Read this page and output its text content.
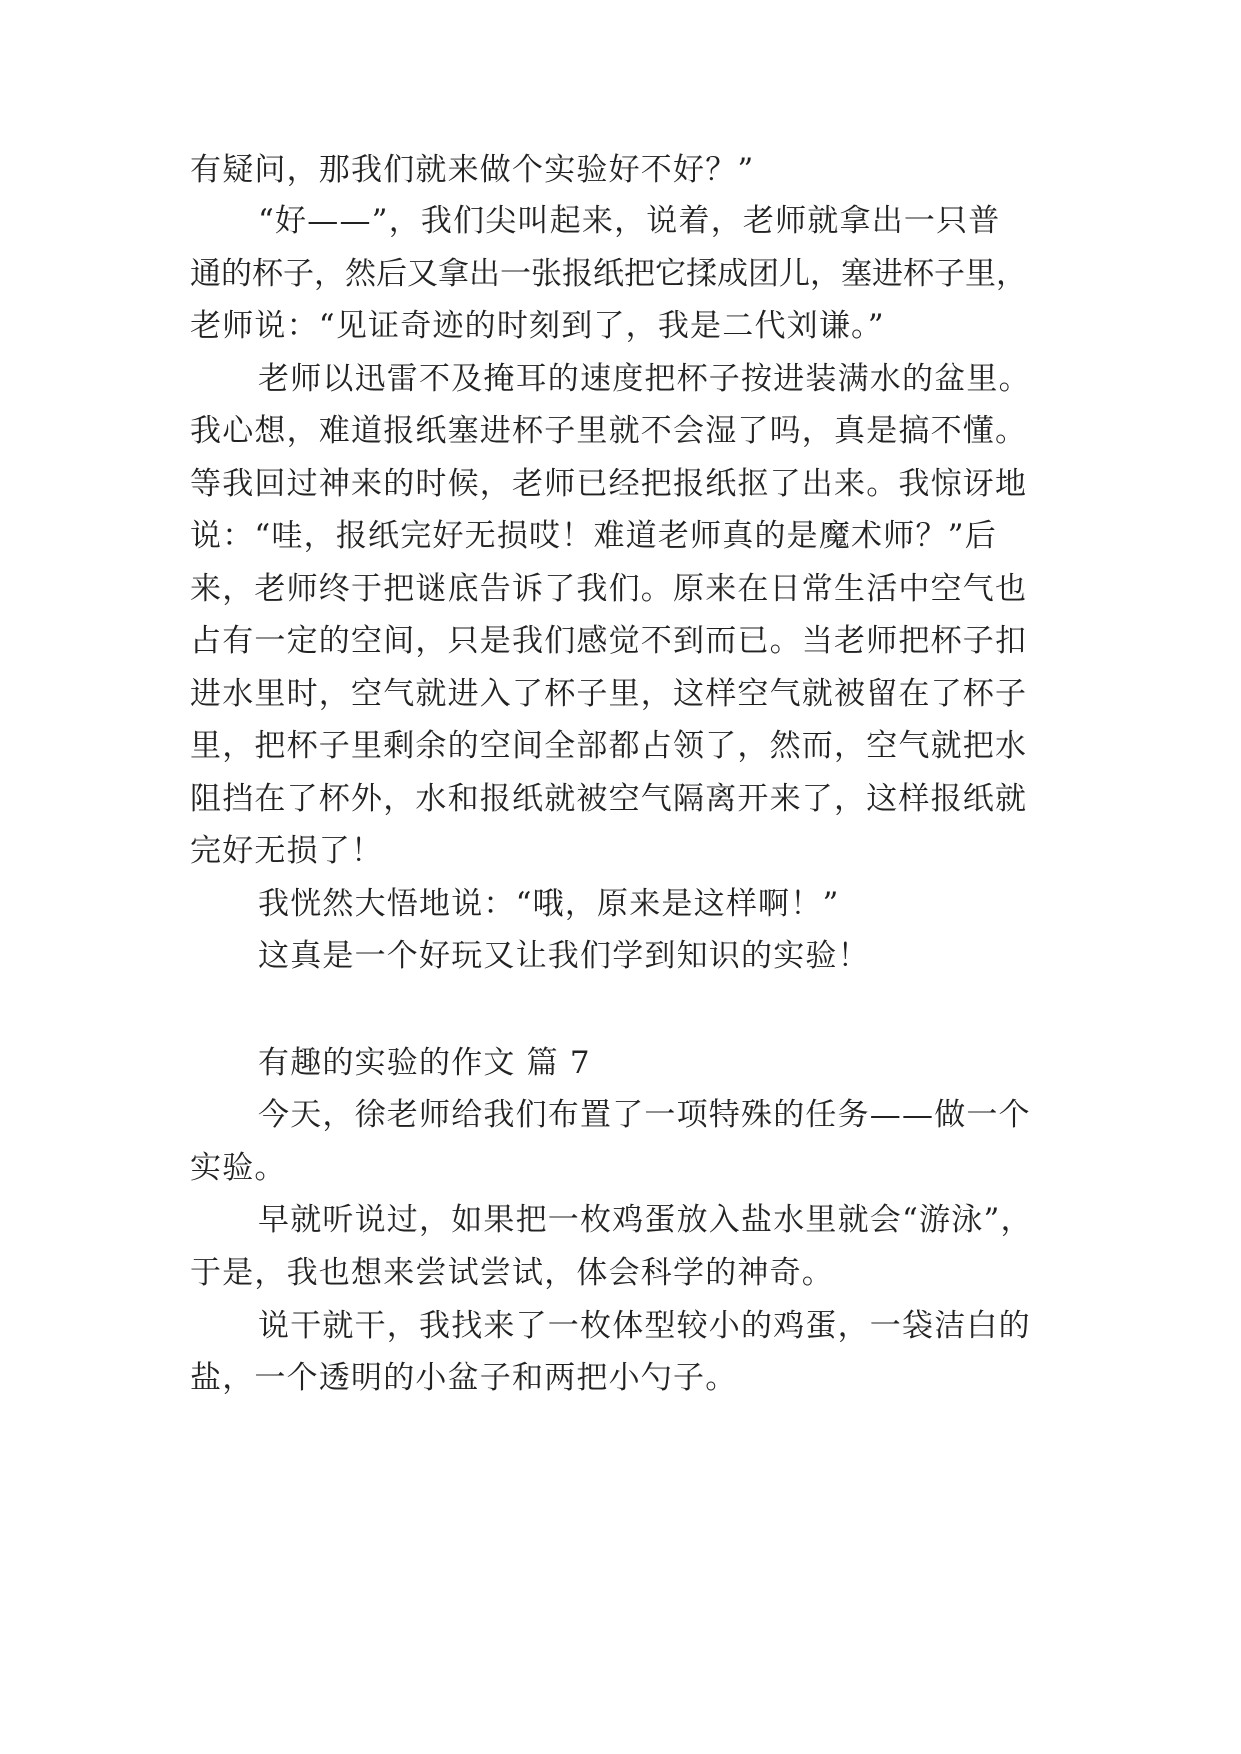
有疑问，那我们就来做个实验好不好？”
“好——”，我们尖叫起来，说着，老师就拿出一只普
通的杯子，然后又拿出一张报纸把它揉成团儿，塞进杯子里，
老师说：“见证奇迹的时刻到了，我是二代刘谦。”
老师以迅雷不及掩耳的速度把杯子按进装满水的盆里。
我心想，难道报纸塞进杯子里就不会湿了吗，真是搞不懂。
等我回过神来的时候，老师已经把报纸抠了出来。我惊讶地
说：“哇，报纸完好无损哎！难道老师真的是魔术师？”后
来，老师终于把谜底告诉了我们。原来在日常生活中空气也
占有一定的空间，只是我们感觉不到而已。当老师把杯子扣
进水里时，空气就进入了杯子里，这样空气就被留在了杯子
里，把杯子里剩余的空间全部都占领了，然而，空气就把水
阻挡在了杯外，水和报纸就被空气隔离开来了，这样报纸就
完好无损了！
我恍然大悟地说：“哦，原来是这样啊！”
这真是一个好玩又让我们学到知识的实验！
有趣的实验的作文 篇 7
今天，徐老师给我们布置了一项特殊的任务——做一个
实验。
早就听说过，如果把一枚鸡蛋放入盐水里就会“游泳”，
于是，我也想来尝试尝试，体会科学的神奇。
说干就干，我找来了一枚体型较小的鸡蛋，一袋洁白的
盐，一个透明的小盆子和两把小勺子。
